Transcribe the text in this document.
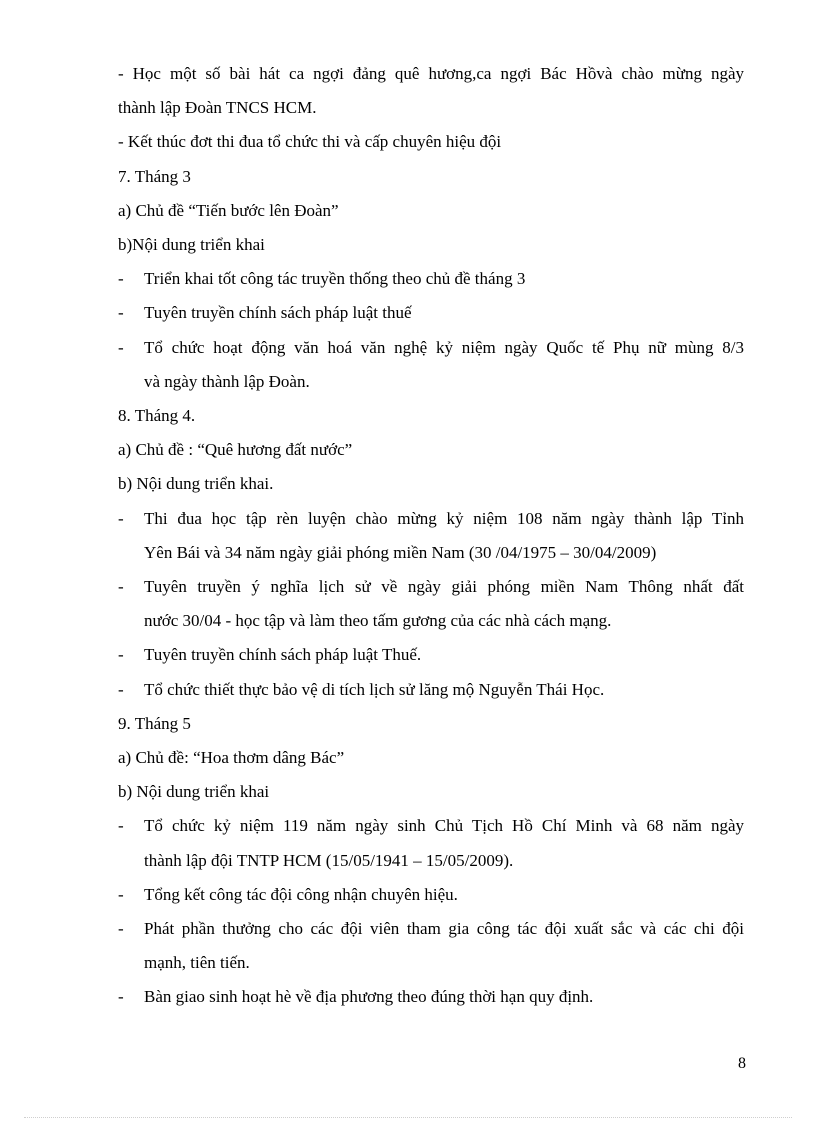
- Học một số bài hát ca ngợi đảng quê hương,ca ngợi Bác Hồvà chào mừng ngày
thành lập Đoàn TNCS HCM.
- Kết thúc đơt thi đua tổ chức thi và cấp chuyên hiệu đội
7. Tháng 3
a) Chủ đề “Tiến bước lên Đoàn”
b)Nội dung triển khai
- Triển khai tốt công tác truyền thống theo chủ đề tháng 3
- Tuyên truyền chính sách pháp luật thuế
- Tổ chức hoạt động văn hoá văn nghệ kỷ niệm ngày Quốc tế Phụ nữ mùng 8/3
và ngày thành lập Đoàn.
8. Tháng 4.
a) Chủ đề : “Quê hương đất nước”
b) Nội dung triển khai.
- Thi đua học tập rèn luyện chào mừng kỷ niệm 108 năm ngày thành lập Tỉnh
Yên Bái và 34 năm ngày giải phóng miền Nam (30 /04/1975 – 30/04/2009)
- Tuyên truyền ý nghĩa lịch sử về ngày giải phóng miền Nam Thông nhất đất
nước 30/04 - học tập và làm theo tấm gương của các nhà cách mạng.
- Tuyên truyền chính sách pháp luật Thuế.
- Tổ chức thiết thực bảo vệ di tích lịch sử lăng mộ Nguyễn Thái Học.
9. Tháng 5
a) Chủ đề: “Hoa thơm dâng Bác”
b) Nội dung triển khai
- Tổ chức kỷ niệm 119 năm ngày sinh Chủ Tịch Hồ Chí Minh và 68 năm ngày
thành lập đội TNTP HCM (15/05/1941 – 15/05/2009).
- Tổng kết công tác đội công nhận chuyên hiệu.
- Phát phần thưởng cho các đội viên tham gia công tác đội xuất sắc và các chi đội
mạnh, tiên tiến.
- Bàn giao sinh hoạt hè về địa phương theo đúng thời hạn quy định.
8
